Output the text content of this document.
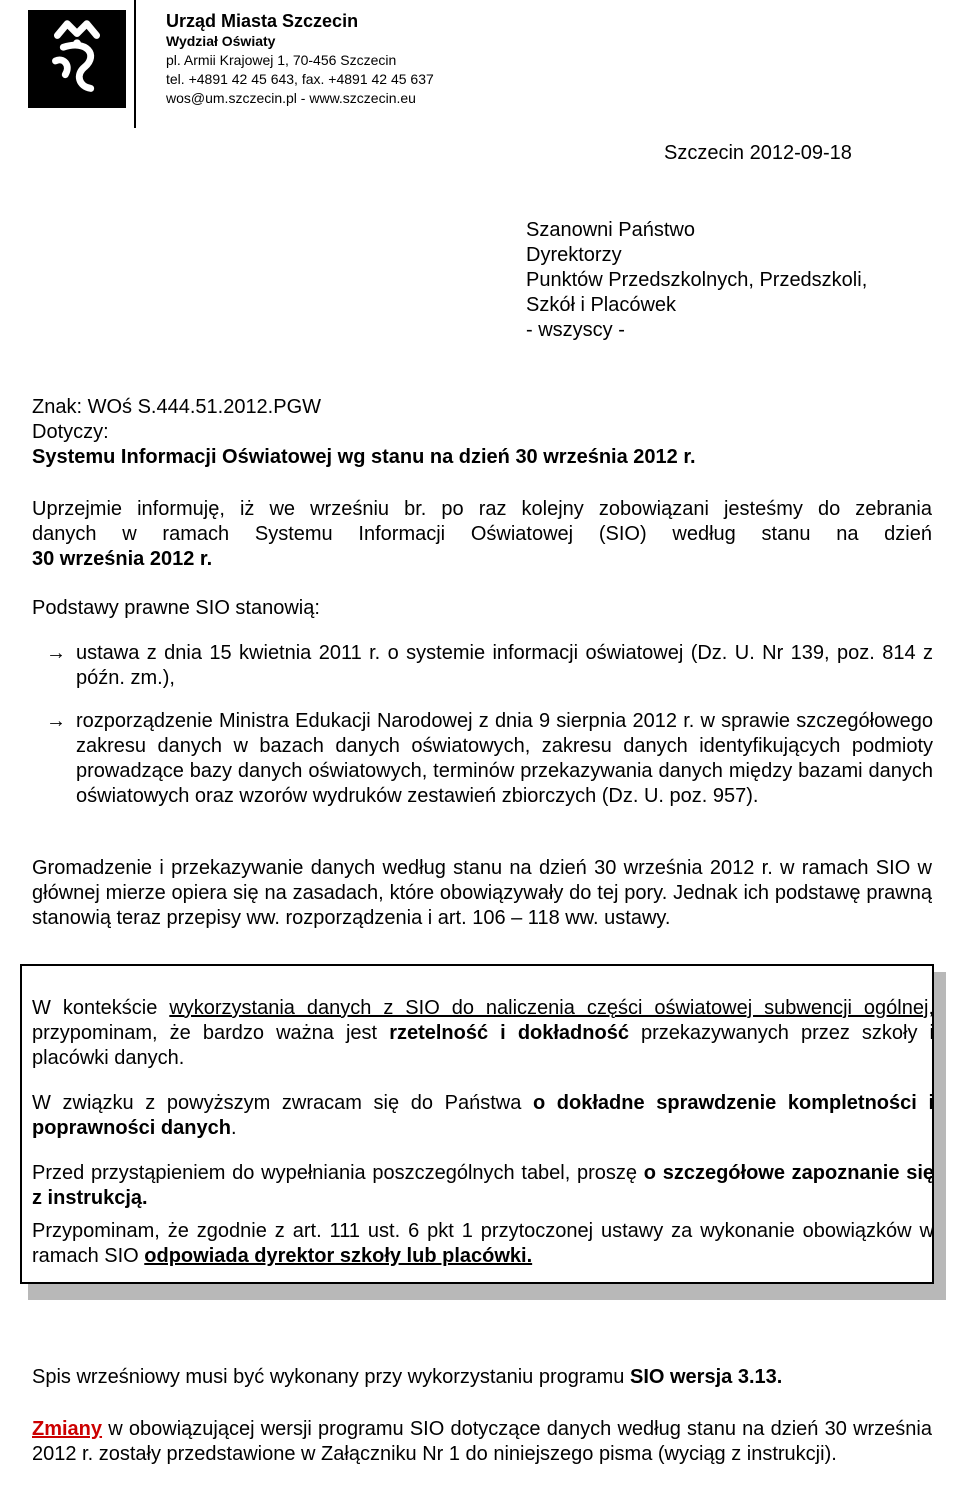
Urząd Miasta Szczecin
Wydział Oświaty
pl. Armii Krajowej 1, 70-456 Szczecin
tel. +4891 42 45 643, fax. +4891 42 45 637
wos@um.szczecin.pl - www.szczecin.eu
Szczecin 2012-09-18
Szanowni Państwo
Dyrektorzy
Punktów Przedszkolnych, Przedszkoli,
Szkół i Placówek
- wszyscy -
Znak: WOś S.444.51.2012.PGW
Dotyczy:
Systemu Informacji Oświatowej wg stanu na dzień 30 września 2012 r.
Uprzejmie informuję, iż we wrześniu br. po raz kolejny zobowiązani jesteśmy do zebrania
danych w ramach Systemu Informacji Oświatowej (SIO) według stanu na dzień
30 września 2012 r.
Podstawy prawne SIO stanowią:
→ ustawa z dnia 15 kwietnia 2011 r. o systemie informacji oświatowej (Dz. U. Nr 139, poz. 814 z późn. zm.),
→ rozporządzenie Ministra Edukacji Narodowej z dnia 9 sierpnia 2012 r. w sprawie szczegółowego zakresu danych w bazach danych oświatowych, zakresu danych identyfikujących podmioty prowadzące bazy danych oświatowych, terminów przekazywania danych między bazami danych oświatowych oraz wzorów wydruków zestawień zbiorczych (Dz. U. poz. 957).
Gromadzenie i przekazywanie danych według stanu na dzień 30 września 2012 r. w ramach SIO w głównej mierze opiera się na zasadach, które obowiązywały do tej pory. Jednak ich podstawę prawną stanowią teraz przepisy ww. rozporządzenia i art. 106 – 118 ww. ustawy.
W kontekście wykorzystania danych z SIO do naliczenia części oświatowej subwencji ogólnej, przypominam, że bardzo ważna jest rzetelność i dokładność przekazywanych przez szkoły i placówki danych.
W związku z powyższym zwracam się do Państwa o dokładne sprawdzenie kompletności i poprawności danych.
Przed przystąpieniem do wypełniania poszczególnych tabel, proszę o szczegółowe zapoznanie się z instrukcją.
Przypominam, że zgodnie z art. 111 ust. 6 pkt 1 przytoczonej ustawy za wykonanie obowiązków w ramach SIO odpowiada dyrektor szkoły lub placówki.
Spis wrześniowy musi być wykonany przy wykorzystaniu programu SIO wersja 3.13.
Zmiany w obowiązującej wersji programu SIO dotyczące danych według stanu na dzień 30 września 2012 r. zostały przedstawione w Załączniku Nr 1 do niniejszego pisma (wyciąg z instrukcji).
